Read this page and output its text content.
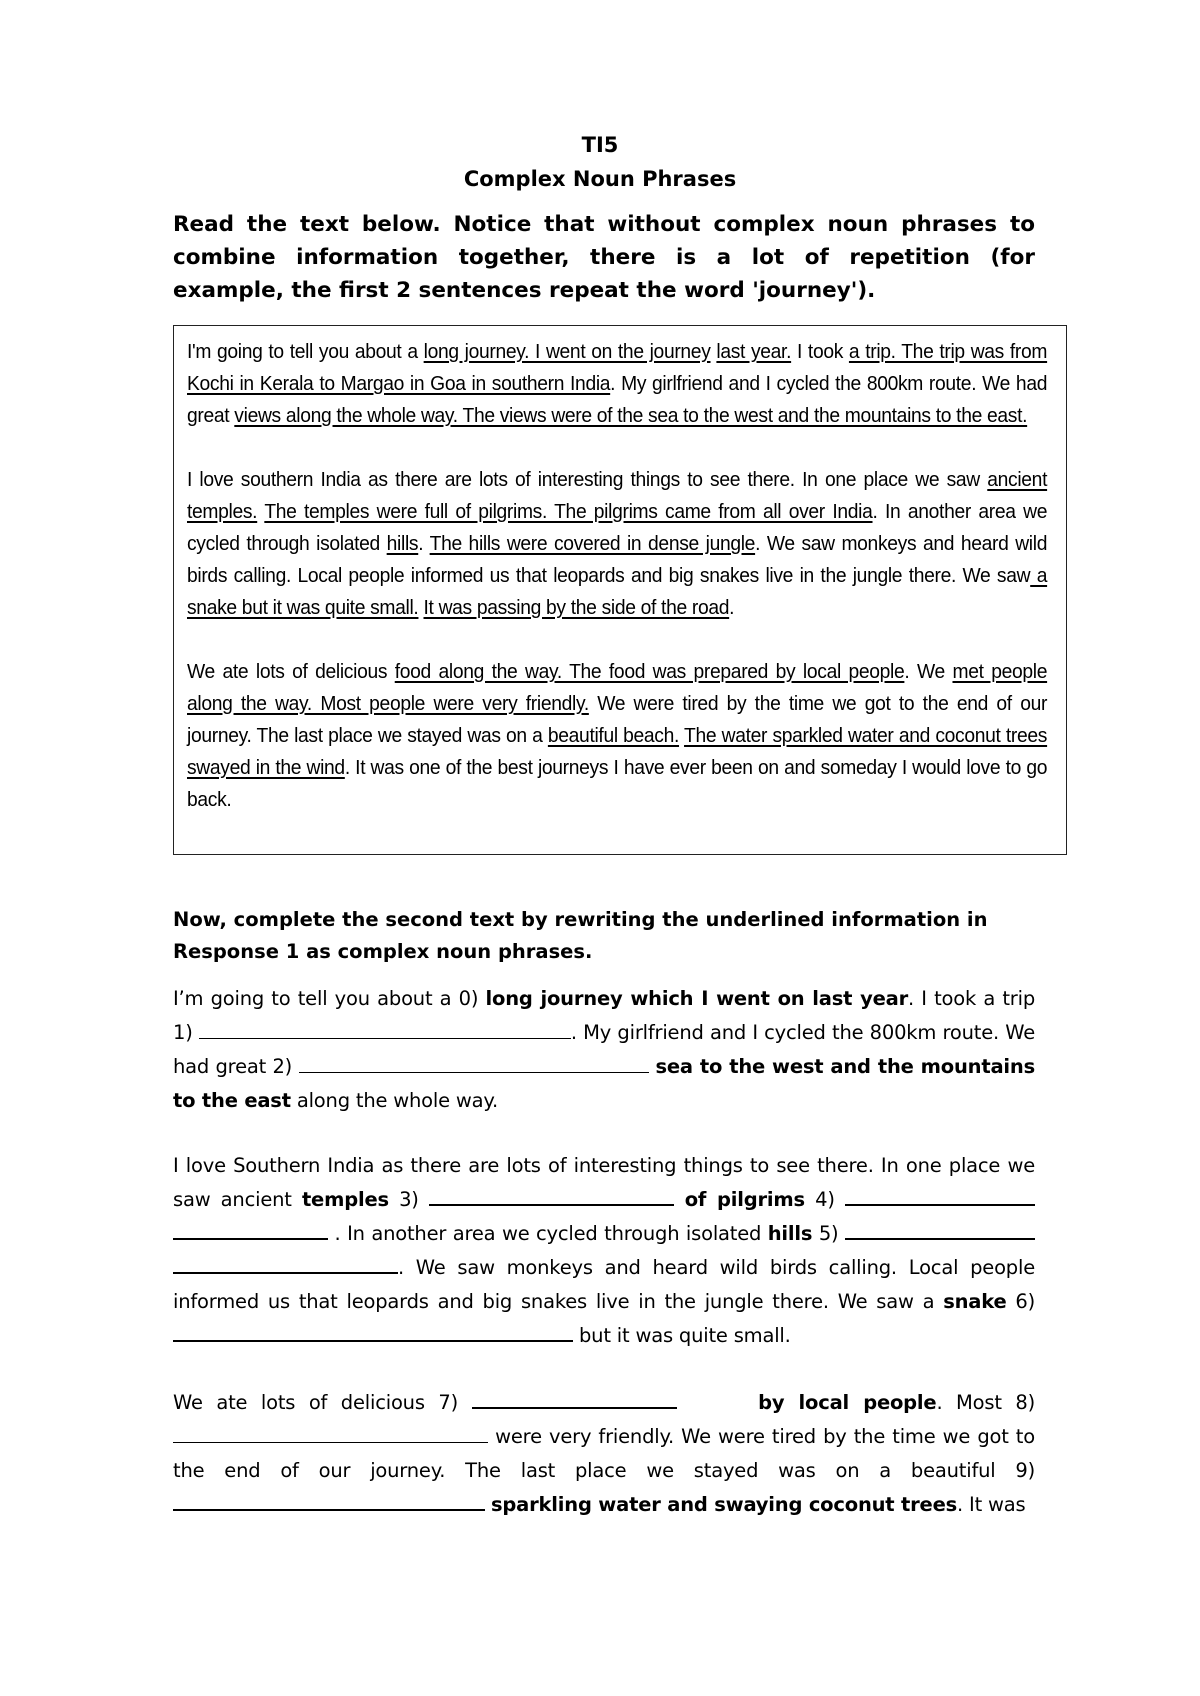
TI5
Complex Noun Phrases
Read the text below. Notice that without complex noun phrases to combine information together, there is a lot of repetition (for example, the first 2 sentences repeat the word 'journey').

I'm going to tell you about a long journey. I went on the journey last year. I took a trip. The trip was from Kochi in Kerala to Margao in Goa in southern India. My girlfriend and I cycled the 800km route. We had great views along the whole way. The views were of the sea to the west and the mountains to the east.

I love southern India as there are lots of interesting things to see there. In one place we saw ancient temples. The temples were full of pilgrims. The pilgrims came from all over India. In another area we cycled through isolated hills. The hills were covered in dense jungle. We saw monkeys and heard wild birds calling. Local people informed us that leopards and big snakes live in the jungle there. We saw a snake but it was quite small. It was passing by the side of the road.

We ate lots of delicious food along the way. The food was prepared by local people. We met people along the way. Most people were very friendly. We were tired by the time we got to the end of our journey. The last place we stayed was on a beautiful beach. The water sparkled water and coconut trees swayed in the wind. It was one of the best journeys I have ever been on and someday I would love to go back.

Now, complete the second text by rewriting the underlined information in Response 1 as complex noun phrases.
I’m going to tell you about a 0) long journey which I went on last year. I took a trip 1)	. My girlfriend and I cycled the 800km route. We had great 2)	sea to the west and the mountains to the east along the whole way.
I love Southern India as there are lots of interesting things to see there. In one place we saw ancient temples 3)	of pilgrims 4)   . In another area we cycled through isolated hills 5)  . We saw monkeys and heard wild birds calling. Local people informed us that leopards and big snakes live in the jungle there. We saw a snake 6)  but it was quite small.
We ate lots of delicious 7)	by local people. Most 8)  were very friendly. We were tired by the time we got to the end of our journey. The last place we stayed was on a beautiful 9)  sparkling water and swaying coconut trees. It was
